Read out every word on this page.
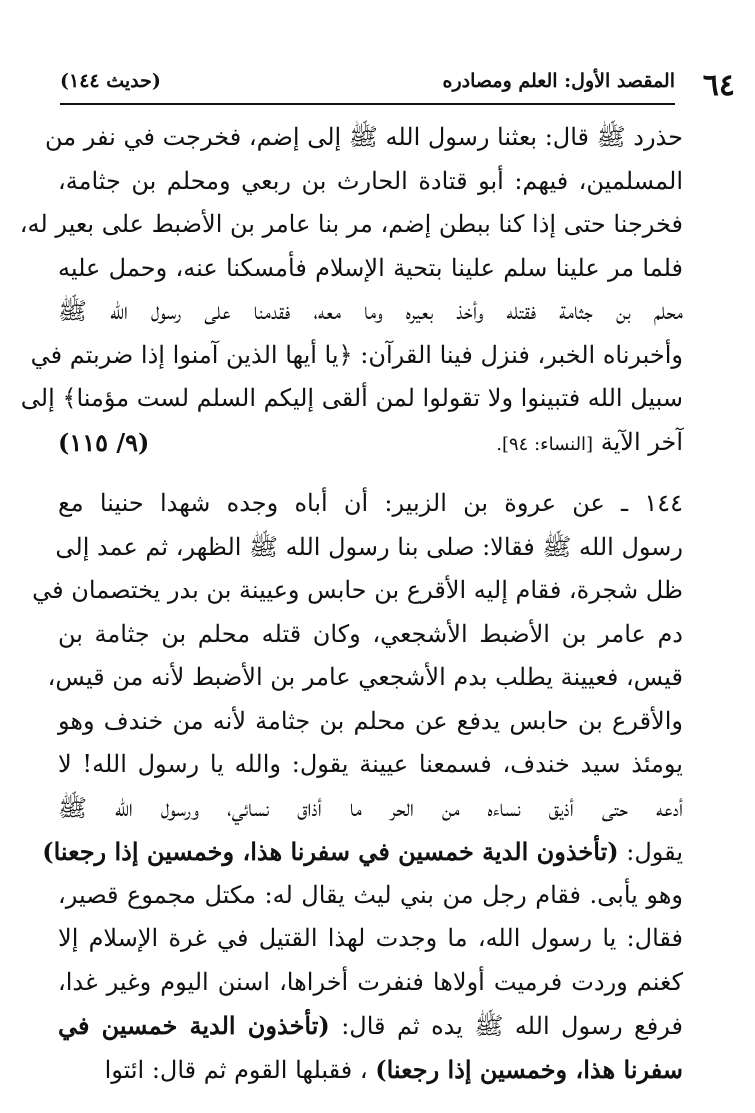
٦٤
المقصد الأول: العلم ومصادره
(حديث ١٤٤)
حذرد ﷺ قال: بعثنا رسول الله ﷺ إلى إضم، فخرجت في نفر من
المسلمين، فيهم: أبو قتادة الحارث بن ربعي ومحلم بن جثامة،
فخرجنا حتى إذا كنا ببطن إضم، مر بنا عامر بن الأضبط على بعير له،
فلما مر علينا سلم علينا بتحية الإسلام فأمسكنا عنه، وحمل عليه
محلم بن جثامة فقتله وأخذ بعيره وما معه، فقدمنا على رسول الله ﷺ
وأخبرناه الخبر، فنزل فينا القرآن: ﴿يا أيها الذين آمنوا إذا ضربتم في
سبيل الله فتبينوا ولا تقولوا لمن ألقى إليكم السلم لست مؤمنا﴾ إلى
آخر الآية [النساء: ٩٤].
(٩/ ١١٥)
١٤٤ ـ عن عروة بن الزبير: أن أباه وجده شهدا حنينا مع
رسول الله ﷺ فقالا: صلى بنا رسول الله ﷺ الظهر، ثم عمد إلى
ظل شجرة، فقام إليه الأقرع بن حابس وعيينة بن بدر يختصمان في
دم عامر بن الأضبط الأشجعي، وكان قتله محلم بن جثامة بن
قيس، فعيينة يطلب بدم الأشجعي عامر بن الأضبط لأنه من قيس،
والأقرع بن حابس يدفع عن محلم بن جثامة لأنه من خندف وهو
يومئذ سيد خندف، فسمعنا عيينة يقول: والله يا رسول الله! لا
أدعه حتى أذيق نساءه من الحر ما أذاق نسائي، ورسول الله ﷺ
يقول: (تأخذون الدية خمسين في سفرنا هذا، وخمسين إذا رجعنا)
وهو يأبى. فقام رجل من بني ليث يقال له: مكتل مجموع قصير،
فقال: يا رسول الله، ما وجدت لهذا القتيل في غرة الإسلام إلا
كغنم وردت فرميت أولاها فنفرت أخراها، اسنن اليوم وغير غدا،
فرفع رسول الله ﷺ يده ثم قال: (تأخذون الدية خمسين في
سفرنا هذا، وخمسين إذا رجعنا) ، فقبلها القوم ثم قال: ائتوا
